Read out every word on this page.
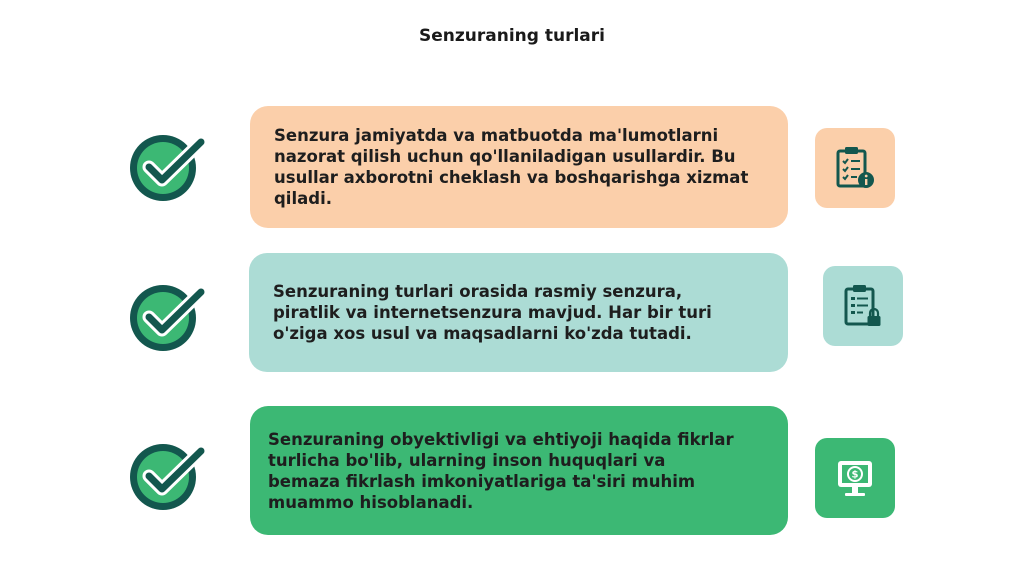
Senzuraning turlari
Senzura jamiyatda va matbuotda ma'lumotlarni nazorat qilish uchun qo'llaniladigan usullardir. Bu usullar axborotni cheklash va boshqarishga xizmat qiladi.
Senzuraning turlari orasida rasmiy senzura, piratlik va internetsenzura mavjud. Har bir turi o'ziga xos usul va maqsadlarni ko'zda tutadi.
Senzuraning obyektivligi va ehtiyoji haqida fikrlar turlicha bo'lib, ularning inson huquqlari va bemaza fikrlash imkoniyatlariga ta'siri muhim muammo hisoblanadi.
$
